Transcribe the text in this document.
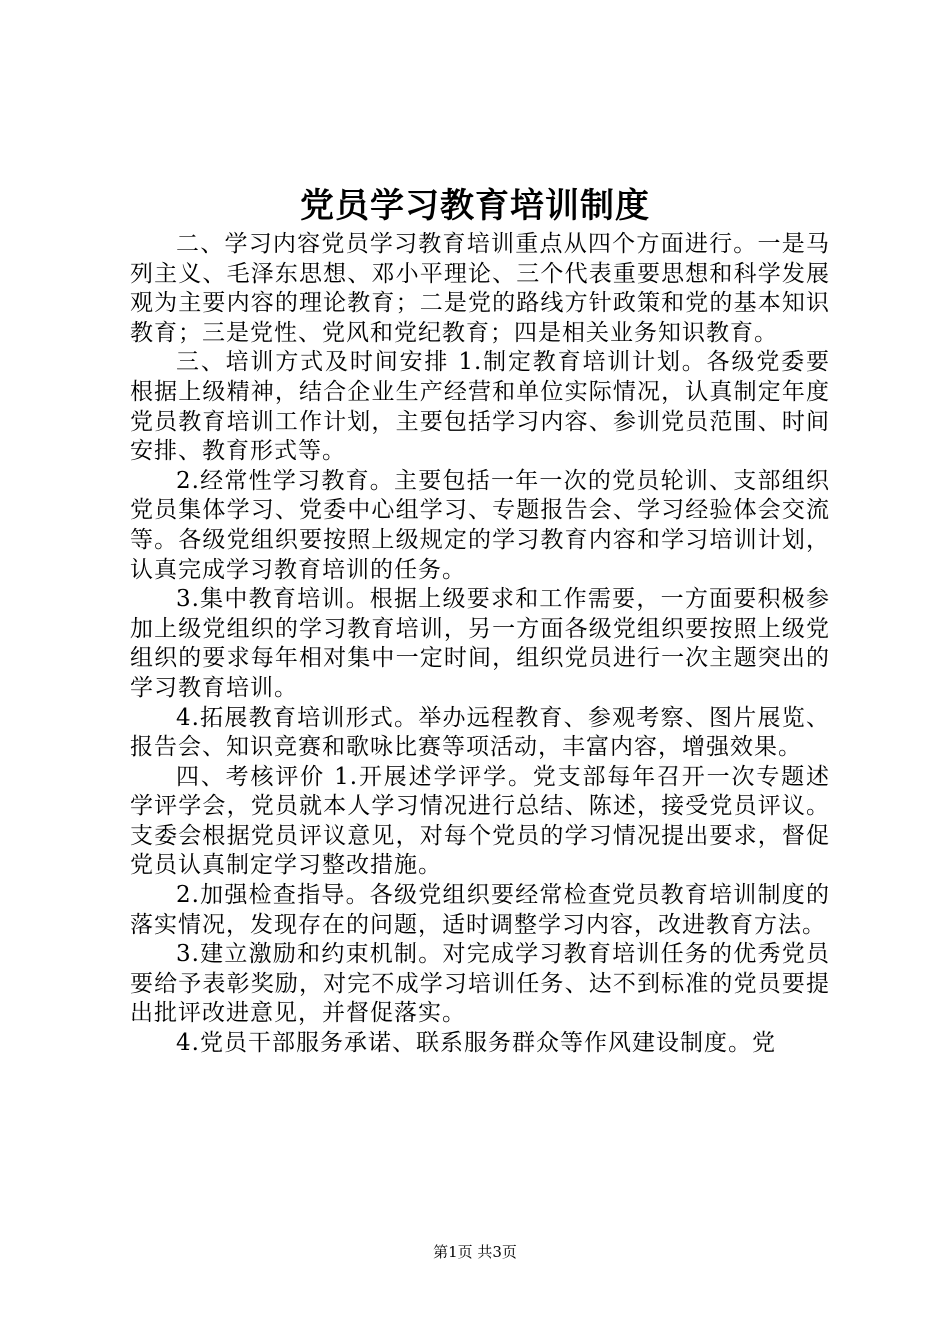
党员学习教育培训制度

二、学习内容党员学习教育培训重点从四个方面进行。一是马列主义、毛泽东思想、邓小平理论、三个代表重要思想和科学发展观为主要内容的理论教育；二是党的路线方针政策和党的基本知识教育；三是党性、党风和党纪教育；四是相关业务知识教育。

三、培训方式及时间安排 1.制定教育培训计划。各级党委要根据上级精神，结合企业生产经营和单位实际情况，认真制定年度党员教育培训工作计划，主要包括学习内容、参训党员范围、时间安排、教育形式等。

2.经常性学习教育。主要包括一年一次的党员轮训、支部组织党员集体学习、党委中心组学习、专题报告会、学习经验体会交流等。各级党组织要按照上级规定的学习教育内容和学习培训计划，认真完成学习教育培训的任务。

3.集中教育培训。根据上级要求和工作需要，一方面要积极参加上级党组织的学习教育培训，另一方面各级党组织要按照上级党组织的要求每年相对集中一定时间，组织党员进行一次主题突出的学习教育培训。

4.拓展教育培训形式。举办远程教育、参观考察、图片展览、报告会、知识竞赛和歌咏比赛等项活动，丰富内容，增强效果。

四、考核评价 1.开展述学评学。党支部每年召开一次专题述学评学会，党员就本人学习情况进行总结、陈述，接受党员评议。支委会根据党员评议意见，对每个党员的学习情况提出要求，督促党员认真制定学习整改措施。

2.加强检查指导。各级党组织要经常检查党员教育培训制度的落实情况，发现存在的问题，适时调整学习内容，改进教育方法。

3.建立激励和约束机制。对完成学习教育培训任务的优秀党员要给予表彰奖励，对完不成学习培训任务、达不到标准的党员要提出批评改进意见，并督促落实。

4.党员干部服务承诺、联系服务群众等作风建设制度。党

第1页 共3页
